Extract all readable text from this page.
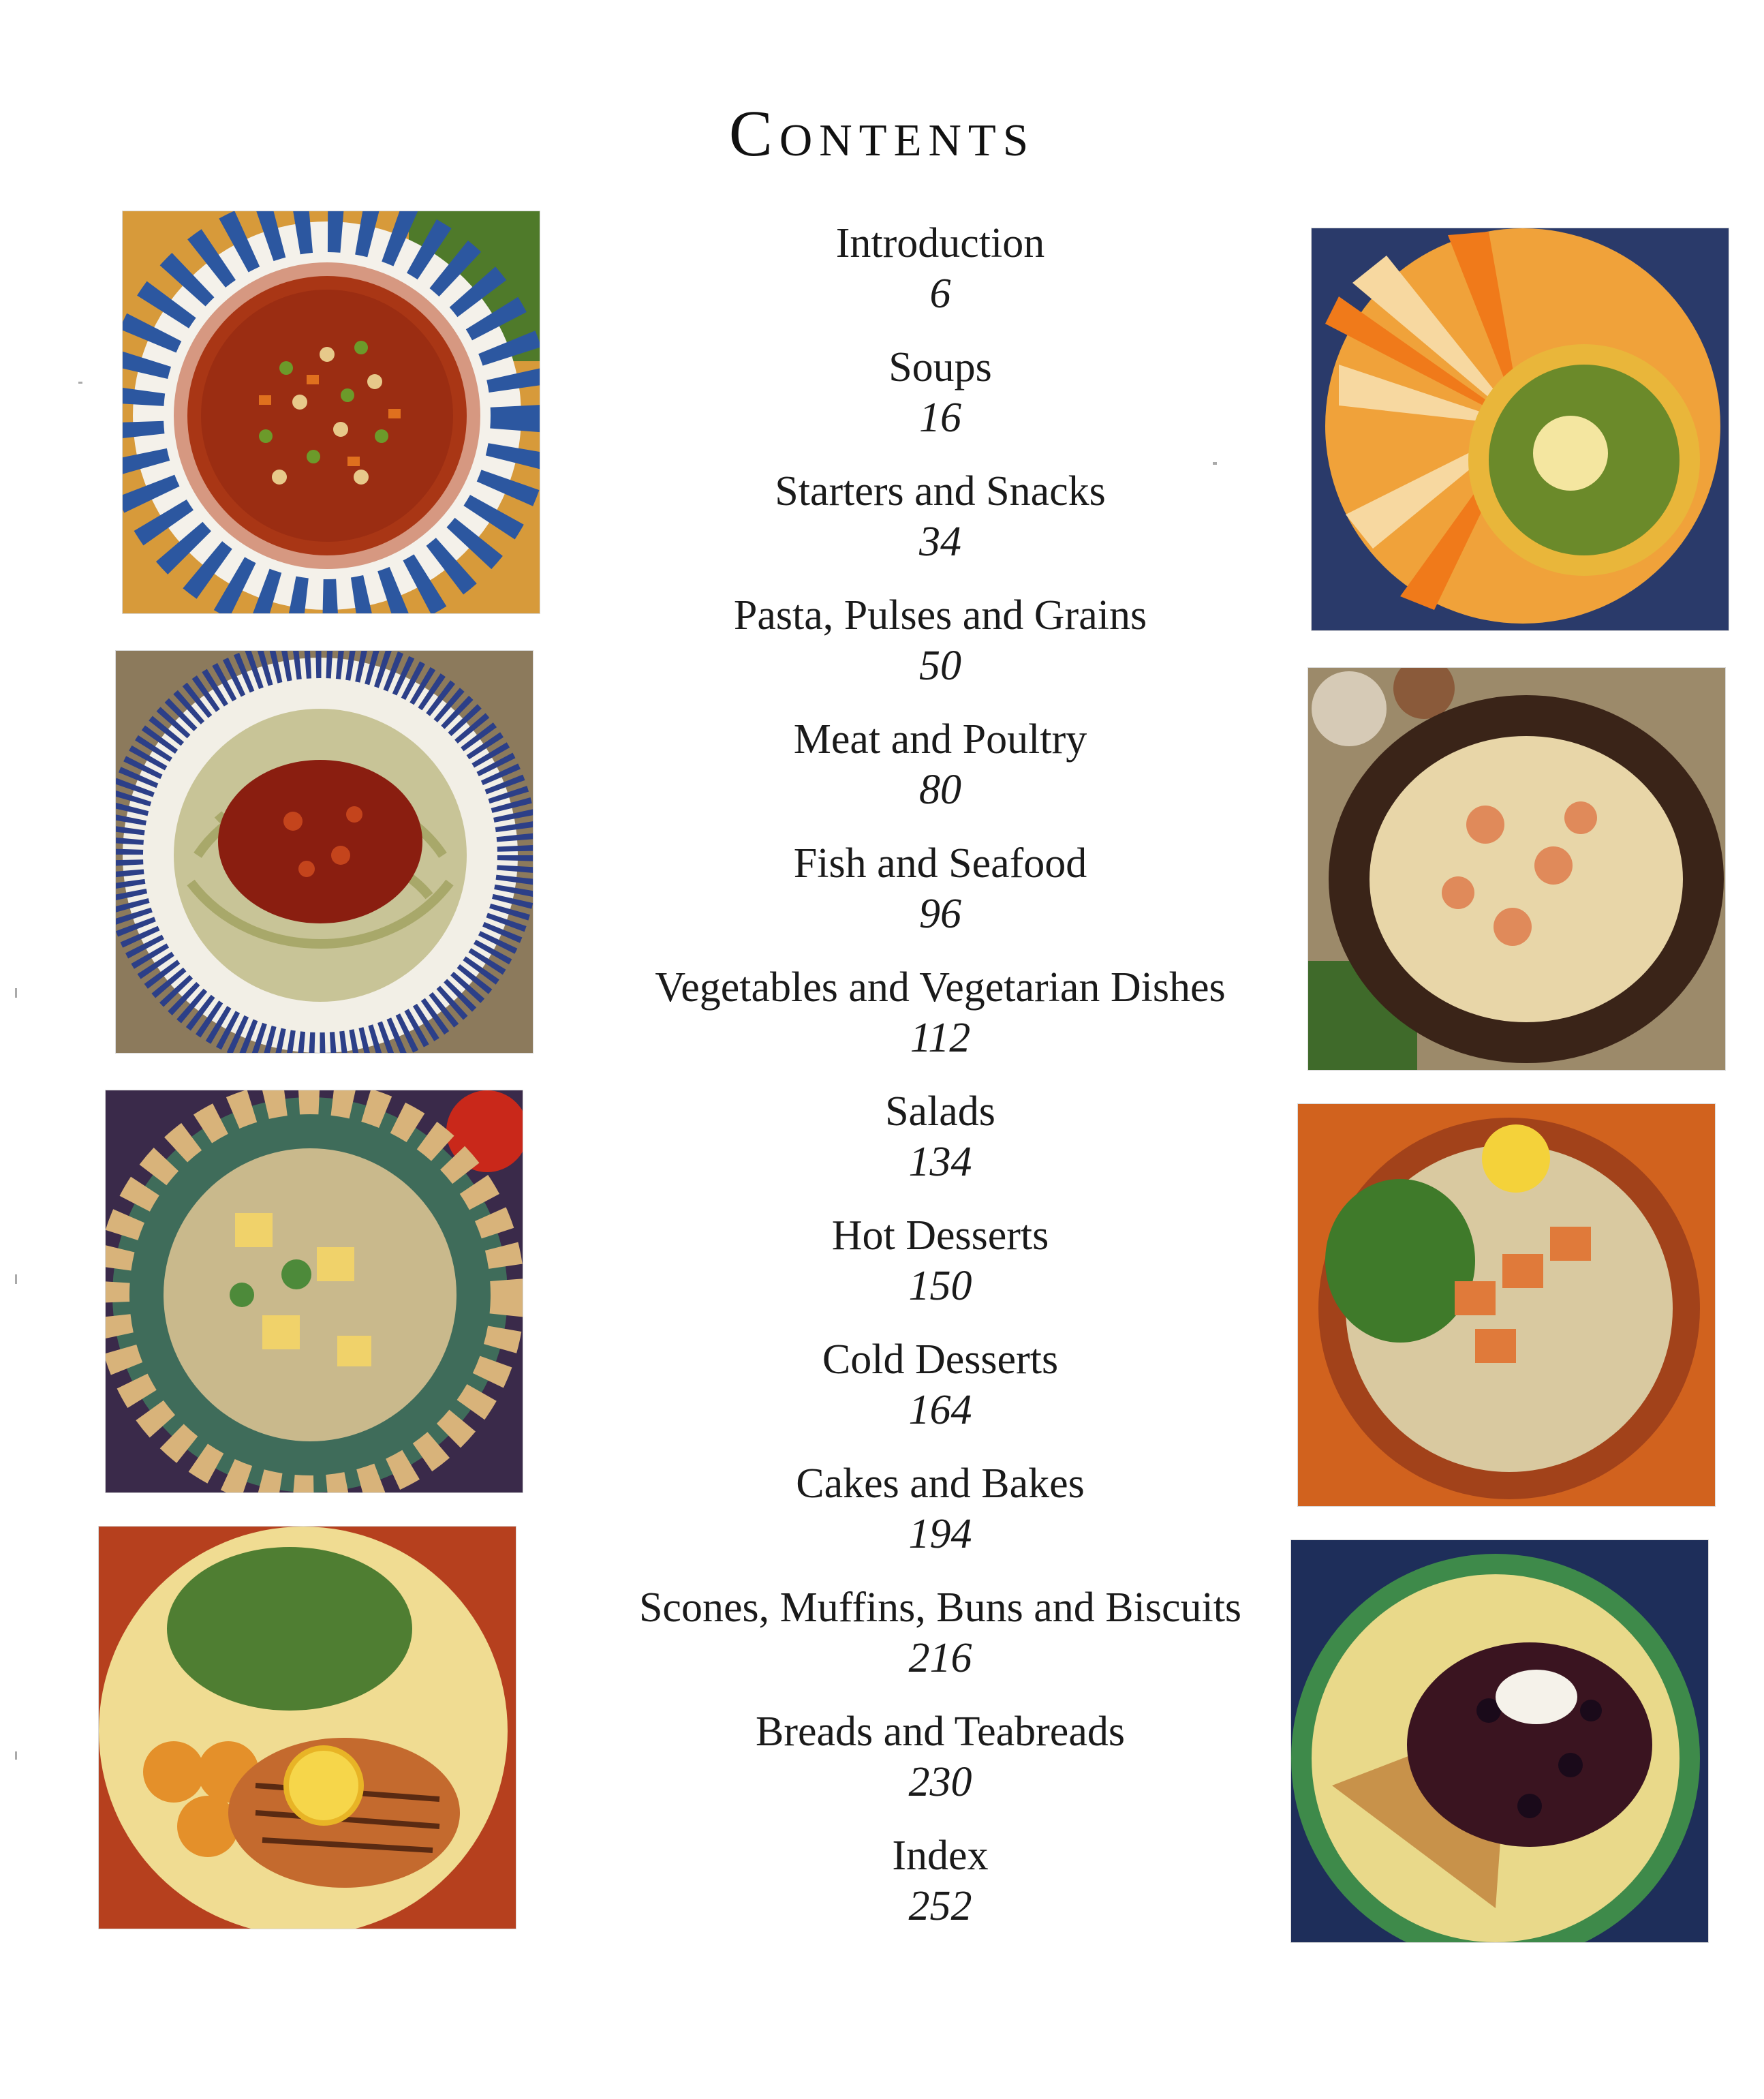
Contents
Introduction
6
Soups
16
Starters and Snacks
34
Pasta, Pulses and Grains
50
Meat and Poultry
80
Fish and Seafood
96
Vegetables and Vegetarian Dishes
112
Salads
134
Hot Desserts
150
Cold Desserts
164
Cakes and Bakes
194
Scones, Muffins, Buns and Biscuits
216
Breads and Teabreads
230
Index
252
